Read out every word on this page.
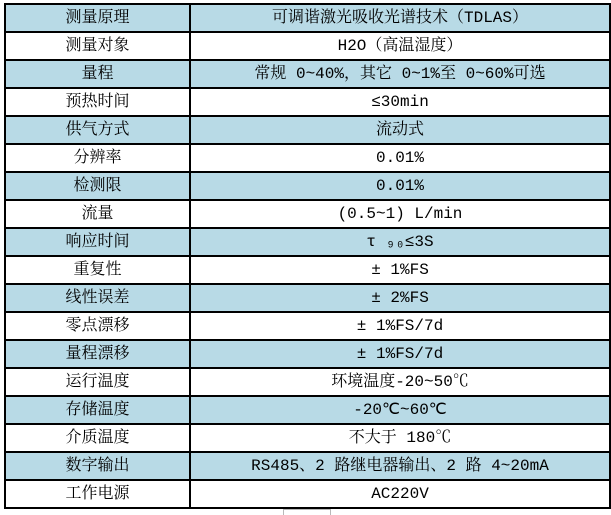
测量原理	可调谐激光吸收光谱技术（TDLAS）
测量对象	H2O（高温湿度）
量程	常规 0~40%，其它 0~1%至 0~60%可选
预热时间	≤30min
供气方式	流动式
分辨率	0.01%
检测限	0.01%
流量	(0.5~1) L/min
响应时间	τ ₉₀≤3S
重复性	± 1%FS
线性误差	± 2%FS
零点漂移	± 1%FS/7d
量程漂移	± 1%FS/7d
运行温度	环境温度-20~50℃
存储温度	-20℃~60℃
介质温度	不大于 180℃
数字输出	RS485、2 路继电器输出、2 路 4~20mA
工作电源	AC220V
